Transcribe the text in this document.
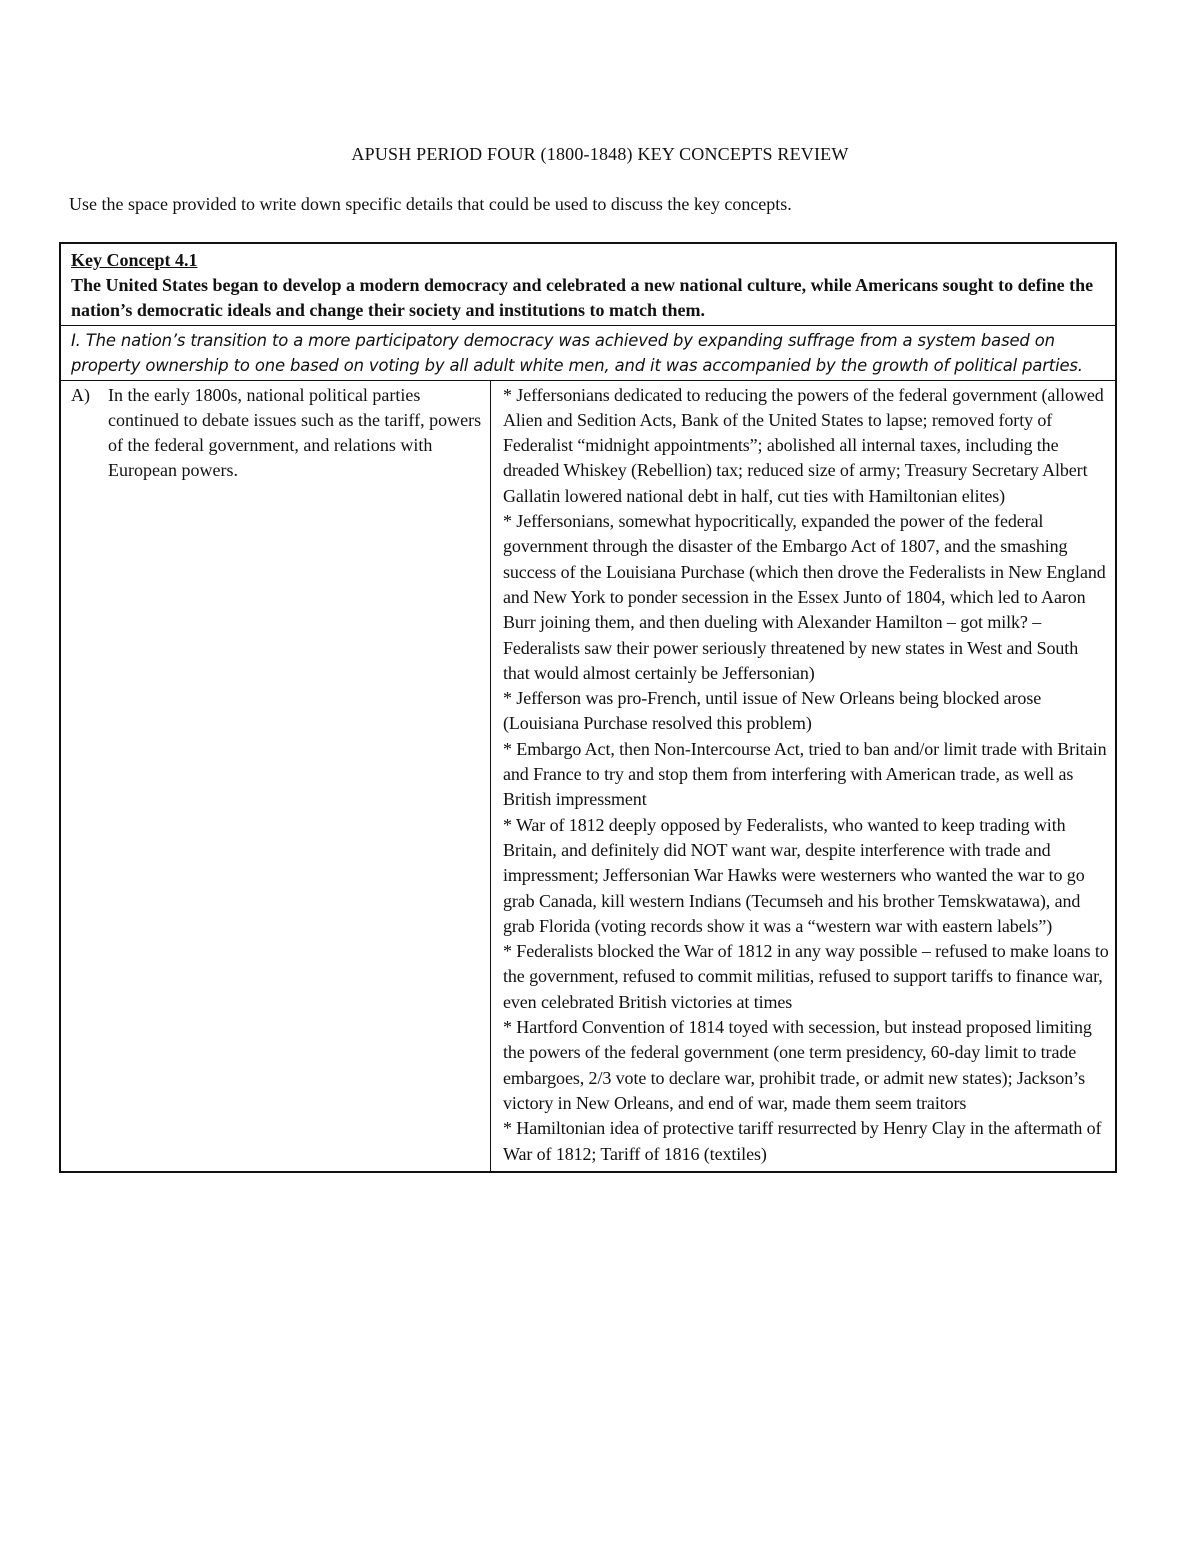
APUSH PERIOD FOUR (1800-1848) KEY CONCEPTS REVIEW
Use the space provided to write down specific details that could be used to discuss the key concepts.
Key Concept 4.1
The United States began to develop a modern democracy and celebrated a new national culture, while Americans sought to define the nation’s democratic ideals and change their society and institutions to match them.
I. The nation’s transition to a more participatory democracy was achieved by expanding suffrage from a system based on property ownership to one based on voting by all adult white men, and it was accompanied by the growth of political parties.
A)	In the early 1800s, national political parties continued to debate issues such as the tariff, powers of the federal government, and relations with European powers.
* Jeffersonians dedicated to reducing the powers of the federal government (allowed Alien and Sedition Acts, Bank of the United States to lapse; removed forty of Federalist “midnight appointments”; abolished all internal taxes, including the dreaded Whiskey (Rebellion) tax; reduced size of army; Treasury Secretary Albert Gallatin lowered national debt in half, cut ties with Hamiltonian elites)
* Jeffersonians, somewhat hypocritically, expanded the power of the federal government through the disaster of the Embargo Act of 1807, and the smashing success of the Louisiana Purchase (which then drove the Federalists in New England and New York to ponder secession in the Essex Junto of 1804, which led to Aaron Burr joining them, and then dueling with Alexander Hamilton – got milk? – Federalists saw their power seriously threatened by new states in West and South that would almost certainly be Jeffersonian)
* Jefferson was pro-French, until issue of New Orleans being blocked arose (Louisiana Purchase resolved this problem)
* Embargo Act, then Non-Intercourse Act, tried to ban and/or limit trade with Britain and France to try and stop them from interfering with American trade, as well as British impressment
* War of 1812 deeply opposed by Federalists, who wanted to keep trading with Britain, and definitely did NOT want war, despite interference with trade and impressment; Jeffersonian War Hawks were westerners who wanted the war to go grab Canada, kill western Indians (Tecumseh and his brother Temskwatawa), and grab Florida (voting records show it was a “western war with eastern labels”)
* Federalists blocked the War of 1812 in any way possible – refused to make loans to the government, refused to commit militias, refused to support tariffs to finance war, even celebrated British victories at times
* Hartford Convention of 1814 toyed with secession, but instead proposed limiting the powers of the federal government (one term presidency, 60-day limit to trade embargoes, 2/3 vote to declare war, prohibit trade, or admit new states); Jackson’s victory in New Orleans, and end of war, made them seem traitors
* Hamiltonian idea of protective tariff resurrected by Henry Clay in the aftermath of War of 1812; Tariff of 1816 (textiles)
